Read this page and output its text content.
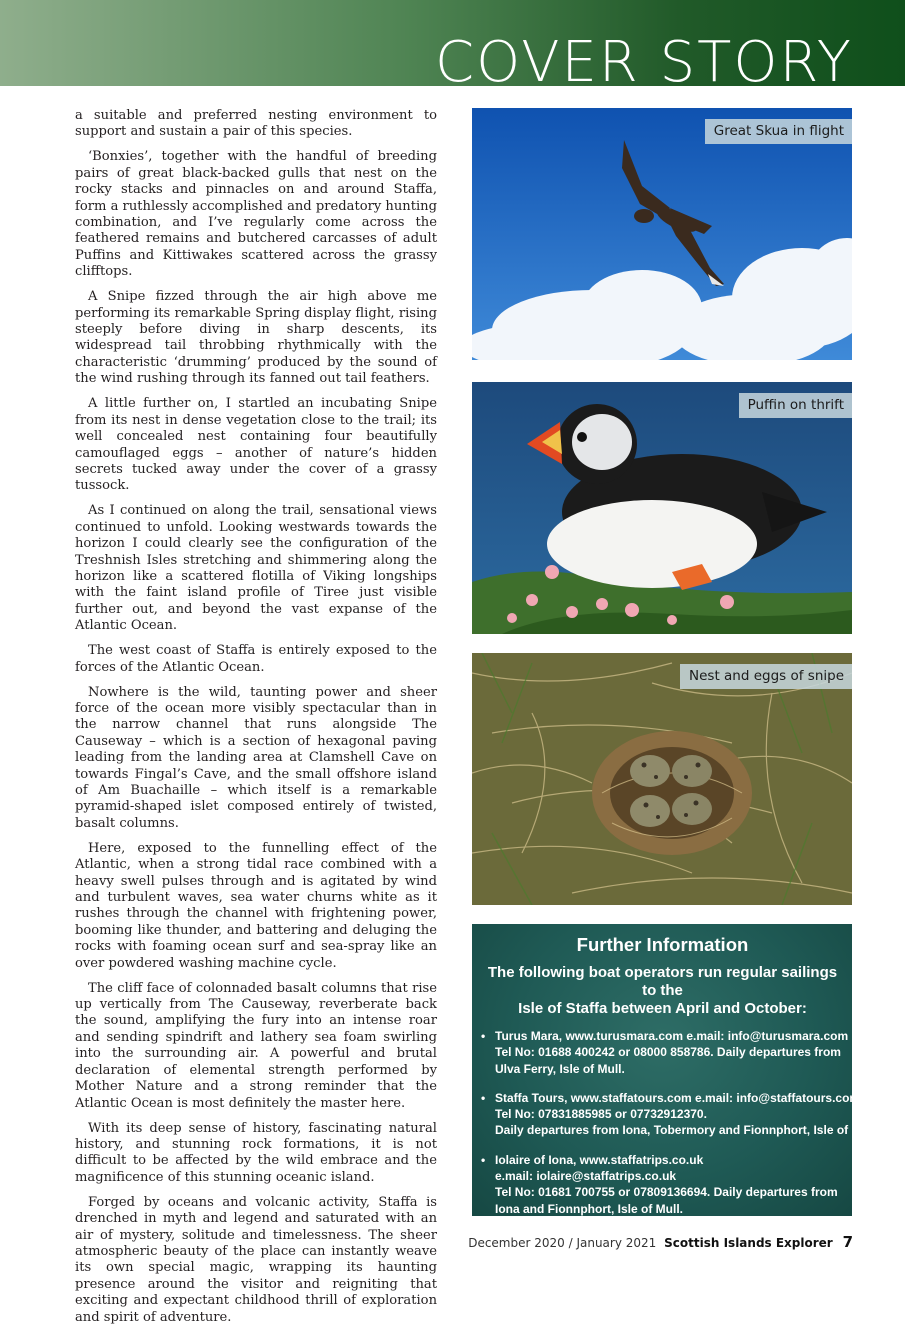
COVER STORY

a suitable and preferred nesting environment to support and sustain a pair of this species.

‘Bonxies’, together with the handful of breeding pairs of great black-backed gulls that nest on the rocky stacks and pinnacles on and around Staffa, form a ruthlessly accomplished and predatory hunting combination, and I’ve regularly come across the feathered remains and butchered carcasses of adult Puffins and Kittiwakes scattered across the grassy clifftops.

A Snipe fizzed through the air high above me performing its remarkable Spring display flight, rising steeply before diving in sharp descents, its widespread tail throbbing rhythmically with the characteristic ‘drumming’ produced by the sound of the wind rushing through its fanned out tail feathers.

A little further on, I startled an incubating Snipe from its nest in dense vegetation close to the trail; its well concealed nest containing four beautifully camouflaged eggs – another of nature’s hidden secrets tucked away under the cover of a grassy tussock.

As I continued on along the trail, sensational views continued to unfold. Looking westwards towards the horizon I could clearly see the configuration of the Treshnish Isles stretching and shimmering along the horizon like a scattered flotilla of Viking longships with the faint island profile of Tiree just visible further out, and beyond the vast expanse of the Atlantic Ocean.

The west coast of Staffa is entirely exposed to the forces of the Atlantic Ocean.

Nowhere is the wild, taunting power and sheer force of the ocean more visibly spectacular than in the narrow channel that runs alongside The Causeway – which is a section of hexagonal paving leading from the landing area at Clamshell Cave on towards Fingal’s Cave, and the small offshore island of Am Buachaille – which itself is a remarkable pyramid-shaped islet composed entirely of twisted, basalt columns.

Here, exposed to the funnelling effect of the Atlantic, when a strong tidal race combined with a heavy swell pulses through and is agitated by wind and turbulent waves, sea water churns white as it rushes through the channel with frightening power, booming like thunder, and battering and deluging the rocks with foaming ocean surf and sea-spray like an over powdered washing machine cycle.

The cliff face of colonnaded basalt columns that rise up vertically from The Causeway, reverberate back the sound, amplifying the fury into an intense roar and sending spindrift and lathery sea foam swirling into the surrounding air. A powerful and brutal declaration of elemental strength performed by Mother Nature and a strong reminder that the Atlantic Ocean is most definitely the master here.

With its deep sense of history, fascinating natural history, and stunning rock formations, it is not difficult to be affected by the wild embrace and the magnificence of this stunning oceanic island.

Forged by oceans and volcanic activity, Staffa is drenched in myth and legend and saturated with an air of mystery, solitude and timelessness. The sheer atmospheric beauty of the place can instantly weave its own special magic, wrapping its haunting presence around the visitor and reigniting that exciting and expectant childhood thrill of exploration and spirit of adventure.

Great Skua in flight
Puffin on thrift
Nest and eggs of snipe
Further Information
The following boat operators run regular sailings to the
Isle of Staffa between April and October:
• Turus Mara, www.turusmara.com e.mail: info@turusmara.com
Tel No: 01688 400242 or 08000 858786. Daily departures from
Ulva Ferry, Isle of Mull.
• Staffa Tours, www.staffatours.com e.mail: info@staffatours.com
Tel No: 07831885985 or 07732912370.
Daily departures from Iona, Tobermory and Fionnphort, Isle of Mull.
• Iolaire of Iona, www.staffatrips.co.uk
e.mail: iolaire@staffatrips.co.uk
Tel No: 01681 700755 or 07809136694. Daily departures from
Iona and Fionnphort, Isle of Mull.
December 2020 / January 2021 Scottish Islands Explorer 7
